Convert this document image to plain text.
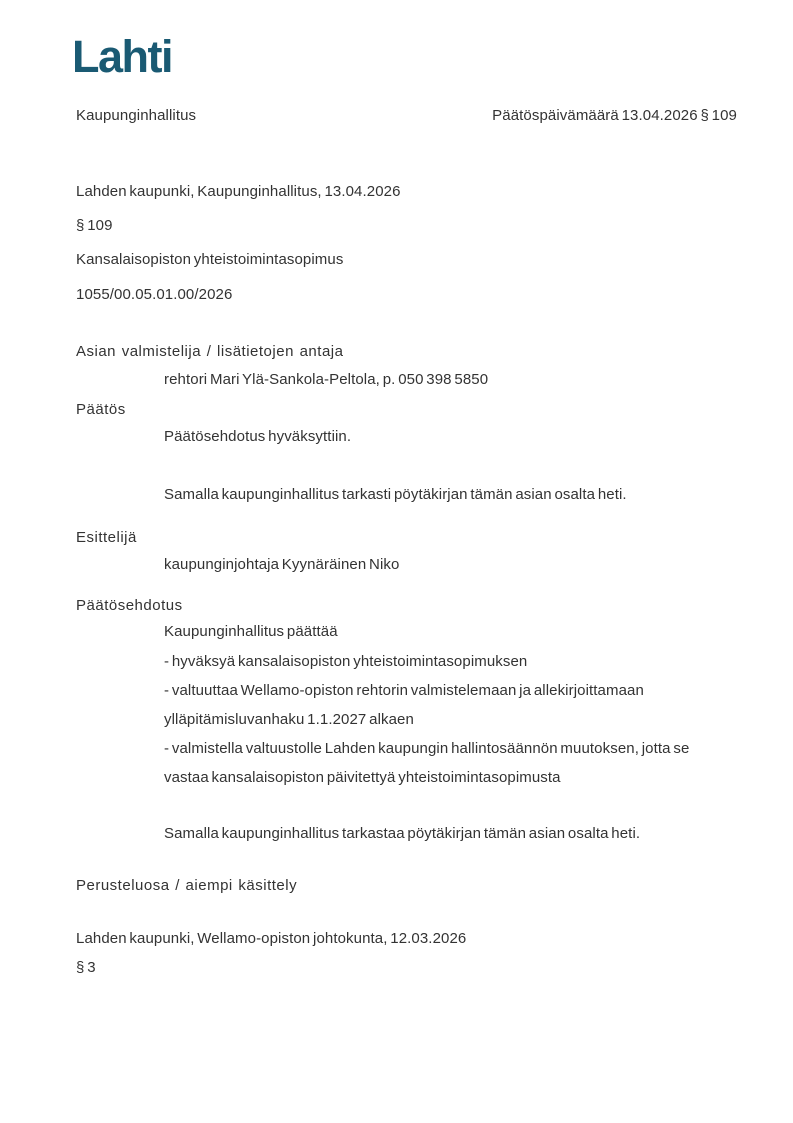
Lahti
Kaupunginhallitus	Päätöspäivämäärä 13.04.2026 § 109
Lahden kaupunki, Kaupunginhallitus, 13.04.2026
§ 109
Kansalaisopiston yhteistoimintasopimus
1055/00.05.01.00/2026
Asian valmistelija / lisätietojen antaja
rehtori Mari Ylä-Sankola-Peltola, p. 050 398 5850
Päätös
Päätösehdotus hyväksyttiin.
Samalla kaupunginhallitus tarkasti pöytäkirjan tämän asian osalta heti.
Esittelijä
kaupunginjohtaja Kyynäräinen Niko
Päätösehdotus
Kaupunginhallitus päättää
- hyväksyä kansalaisopiston yhteistoimintasopimuksen
- valtuuttaa Wellamo-opiston rehtorin valmistelemaan ja allekirjoittamaan
ylläpitämisluvanhaku 1.1.2027 alkaen
- valmistella valtuustolle Lahden kaupungin hallintosäännön muutoksen, jotta se
vastaa kansalaisopiston päivitettyä yhteistoimintasopimusta
Samalla kaupunginhallitus tarkastaa pöytäkirjan tämän asian osalta heti.
Perusteluosa / aiempi käsittely
Lahden kaupunki, Wellamo-opiston johtokunta, 12.03.2026
§ 3
